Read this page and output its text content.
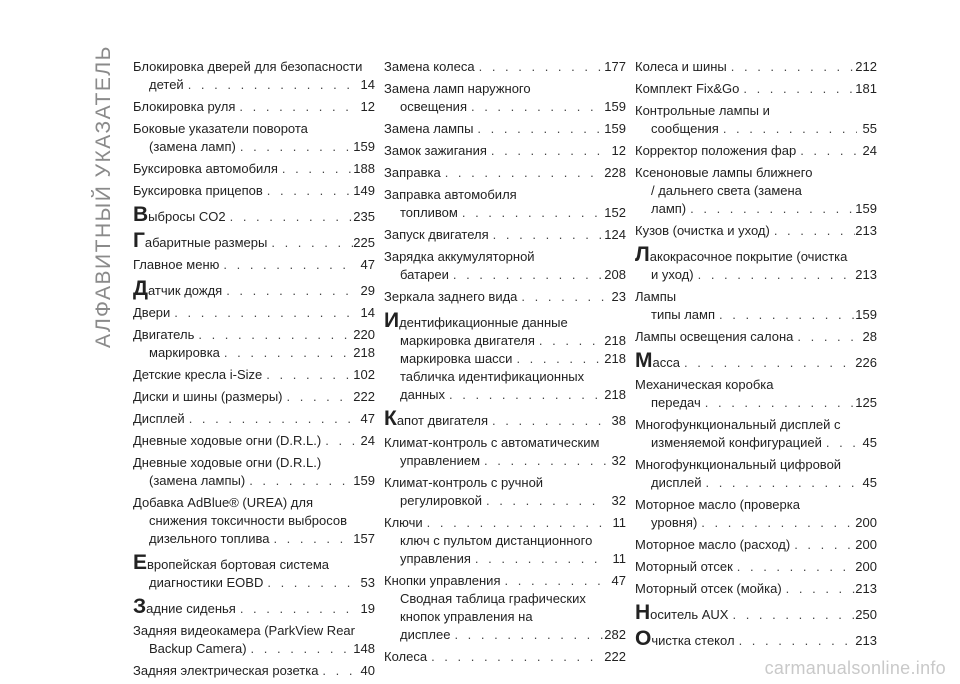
АЛФАВИТНЫЙ УКАЗАТЕЛЬ	Блокировка дверей для безопасности
детей . . .	14
Блокировка руля . . .	12
Боковые указатели поворота
(замена ламп) . . .	159
Буксировка автомобиля . . .	188
Буксировка прицепов . . .	149
Выбросы CO2 . . .	235
Габаритные размеры . . .	225
Главное меню . . .	47
Датчик дождя . . .	29
Двери . . .	14
Двигатель . . .	220
маркировка . . .	218
Детские кресла i-Size . . .	102
Диски и шины (размеры) . . .	222
Дисплей . . .	47
Дневные ходовые огни (D.R.L.) . . .	24
Дневные ходовые огни (D.R.L.)
(замена лампы) . . .	159
Добавка AdBlue® (UREA) для
снижения токсичности выбросов
дизельного топлива . . .	157
Европейская бортовая система
диагностики EOBD . . .	53
Задние сиденья . . .	19
Задняя видеокамера (ParkView Rear
Backup Camera) . . .	148
Задняя электрическая розетка . . .	40
Замена колеса . . .	177
Замена ламп наружного
освещения . . .	159
Замена лампы . . .	159
Замок зажигания . . .	12
Заправка . . .	228
Заправка автомобиля
топливом . . .	152
Запуск двигателя . . .	124
Зарядка аккумуляторной
батареи . . .	208
Зеркала заднего вида . . .	23
Идентификационные данные
маркировка двигателя . . .	218
маркировка шасси . . .	218
табличка идентификационных
данных . . .	218
Капот двигателя . . .	38
Климат-контроль с автоматическим
управлением . . .	32
Климат-контроль с ручной
регулировкой . . .	32
Ключи . . .	11
ключ с пультом дистанционного
управления . . .	11
Кнопки управления . . .	47
Сводная таблица графических
кнопок управления на
дисплее . . .	282
Колеса . . .	222
Колеса и шины . . .	212
Комплект Fix&Go . . .	181
Контрольные лампы и
сообщения . . .	55
Корректор положения фар . . .	24
Ксеноновые лампы ближнего
/ дальнего света (замена
ламп) . . .	159
Кузов (очистка и уход) . . .	213
Лакокрасочное покрытие (очистка
и уход) . . .	213
Лампы
типы ламп . . .	159
Лампы освещения салона . . .	28
Масса . . .	226
Механическая коробка
передач . . .	125
Многофункциональный дисплей с
изменяемой конфигурацией . . .	45
Многофункциональный цифровой
дисплей . . .	45
Моторное масло (проверка
уровня) . . .	200
Моторное масло (расход) . . .	200
Моторный отсек . . .	200
Моторный отсек (мойка) . . .	213
Носитель AUX . . .	250
Очистка стекол . . .	213
carmanualsonline.info
